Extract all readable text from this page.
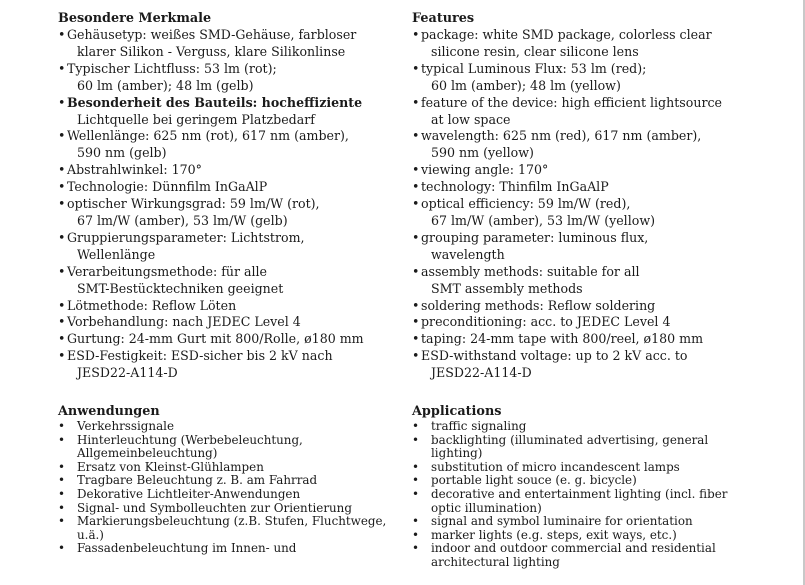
Besondere Merkmale
• Gehäusetyp: weißes SMD-Gehäuse, farbloser
klarer Silikon - Verguss, klare Silikonlinse
• Typischer Lichtfluss: 53 lm (rot);
60 lm (amber); 48 lm (gelb)
• Besonderheit des Bauteils: hocheffiziente
Lichtquelle bei geringem Platzbedarf
• Wellenlänge: 625 nm (rot), 617 nm (amber),
590 nm (gelb)
• Abstrahlwinkel: 170°
• Technologie: Dünnfilm InGaAlP
• optischer Wirkungsgrad: 59 lm/W (rot),
67 lm/W (amber), 53 lm/W (gelb)
• Gruppierungsparameter: Lichtstrom,
Wellenlänge
• Verarbeitungsmethode: für alle
SMT-Bestücktechniken geeignet
• Lötmethode: Reflow Löten
• Vorbehandlung: nach JEDEC Level 4
• Gurtung: 24-mm Gurt mit 800/Rolle, ø180 mm
• ESD-Festigkeit: ESD-sicher bis 2 kV nach
JESD22-A114-D
Features
• package: white SMD package, colorless clear
silicone resin, clear silicone lens
• typical Luminous Flux: 53 lm (red);
60 lm (amber); 48 lm (yellow)
• feature of the device: high efficient lightsource
at low space
• wavelength: 625 nm (red), 617 nm (amber),
590 nm (yellow)
• viewing angle: 170°
• technology: Thinfilm InGaAlP
• optical efficiency: 59 lm/W (red),
67 lm/W (amber), 53 lm/W (yellow)
• grouping parameter: luminous flux,
wavelength
• assembly methods: suitable for all
SMT assembly methods
• soldering methods: Reflow soldering
• preconditioning: acc. to JEDEC Level 4
• taping: 24-mm tape with 800/reel, ø180 mm
• ESD-withstand voltage: up to 2 kV acc. to
JESD22-A114-D
Anwendungen
•	Verkehrssignale
•	Hinterleuchtung (Werbebeleuchtung,
Allgemeinbeleuchtung)
•	Ersatz von Kleinst-Glühlampen
•	Tragbare Beleuchtung z. B. am Fahrrad
•	Dekorative Lichtleiter-Anwendungen
•	Signal- und Symbolleuchten zur Orientierung
•	Markierungsbeleuchtung (z.B. Stufen, Fluchtwege,
u.ä.)
•	Fassadenbeleuchtung im Innen- und
Applications
•	traffic signaling
•	backlighting (illuminated advertising, general
lighting)
•	substitution of micro incandescent lamps
•	portable light souce (e. g. bicycle)
•	decorative and entertainment lighting (incl. fiber
optic illumination)
•	signal and symbol luminaire for orientation
•	marker lights (e.g. steps, exit ways, etc.)
•	indoor and outdoor commercial and residential
architectural lighting
